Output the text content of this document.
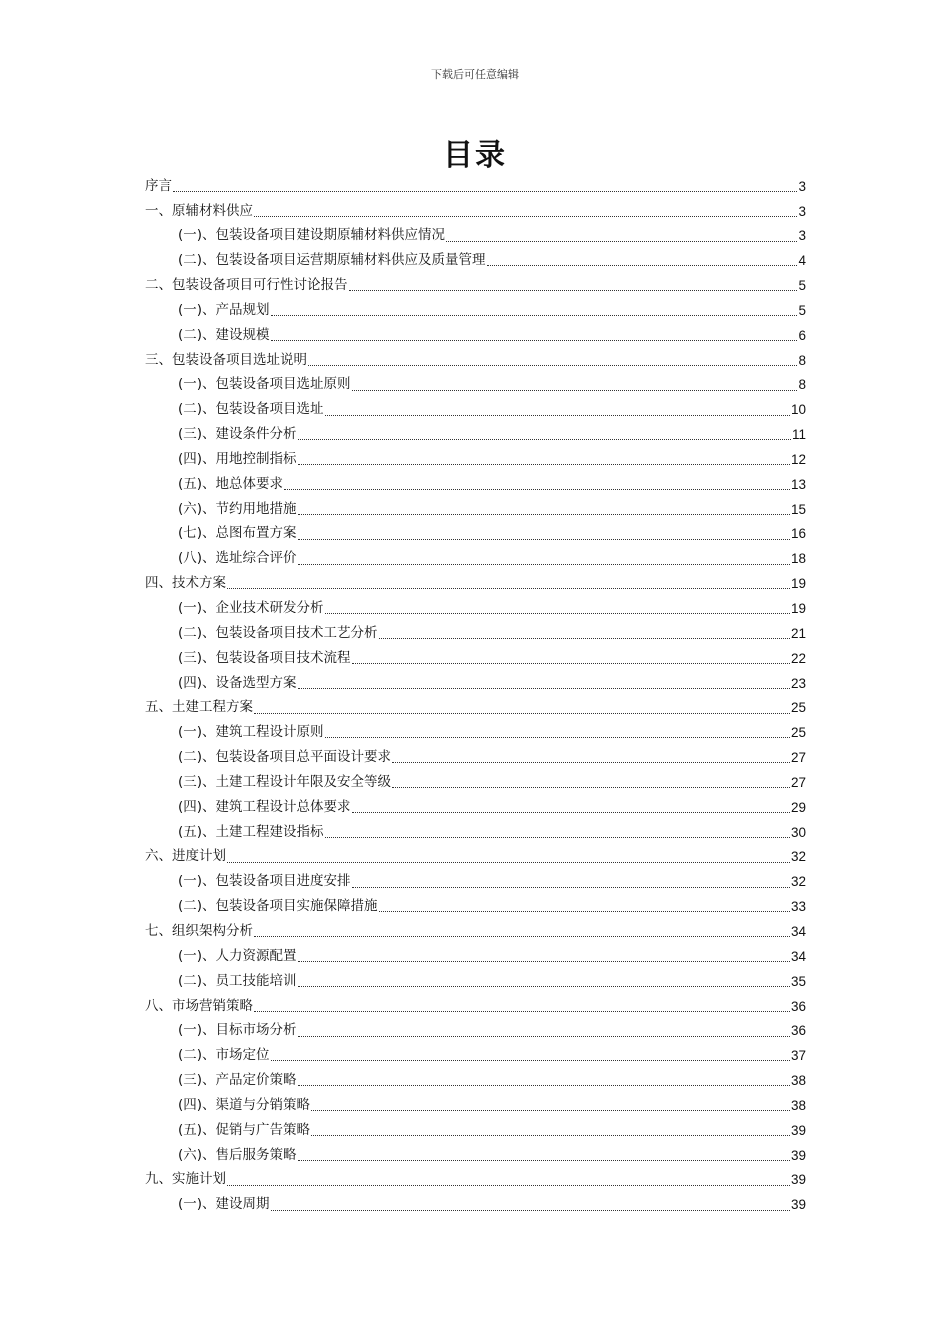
下载后可任意编辑
目录
序言	3
一、原辅材料供应	3
(一)、包装设备项目建设期原辅材料供应情况	3
(二)、包装设备项目运营期原辅材料供应及质量管理	4
二、包装设备项目可行性讨论报告	5
(一)、产品规划	5
(二)、建设规模	6
三、包装设备项目选址说明	8
(一)、包装设备项目选址原则	8
(二)、包装设备项目选址	10
(三)、建设条件分析	11
(四)、用地控制指标	12
(五)、地总体要求	13
(六)、节约用地措施	15
(七)、总图布置方案	16
(八)、选址综合评价	18
四、技术方案	19
(一)、企业技术研发分析	19
(二)、包装设备项目技术工艺分析	21
(三)、包装设备项目技术流程	22
(四)、设备选型方案	23
五、土建工程方案	25
(一)、建筑工程设计原则	25
(二)、包装设备项目总平面设计要求	27
(三)、土建工程设计年限及安全等级	27
(四)、建筑工程设计总体要求	29
(五)、土建工程建设指标	30
六、进度计划	32
(一)、包装设备项目进度安排	32
(二)、包装设备项目实施保障措施	33
七、组织架构分析	34
(一)、人力资源配置	34
(二)、员工技能培训	35
八、市场营销策略	36
(一)、目标市场分析	36
(二)、市场定位	37
(三)、产品定价策略	38
(四)、渠道与分销策略	38
(五)、促销与广告策略	39
(六)、售后服务策略	39
九、实施计划	39
(一)、建设周期	39
